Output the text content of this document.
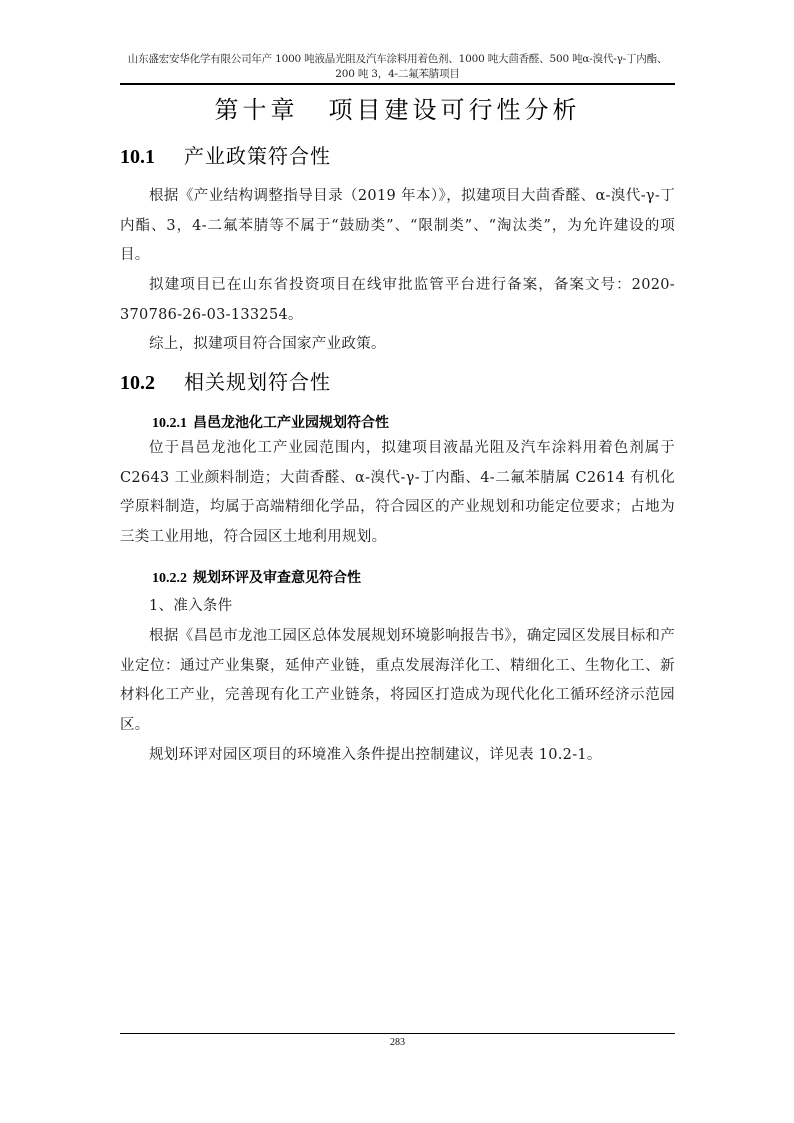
山东盛宏安华化学有限公司年产 1000 吨液晶光阻及汽车涂料用着色剂、1000 吨大茴香醛、500 吨α-溴代-γ-丁内酯、200 吨 3，4-二氟苯腈项目
第十章 项目建设可行性分析
10.1 产业政策符合性
根据《产业结构调整指导目录（2019 年本）》，拟建项目大茴香醛、α-溴代-γ-丁内酯、3，4-二氟苯腈等不属于“鼓励类”、“限制类”、“淘汰类”，为允许建设的项目。
拟建项目已在山东省投资项目在线审批监管平台进行备案，备案文号：2020-370786-26-03-133254。
综上，拟建项目符合国家产业政策。
10.2 相关规划符合性
10.2.1 昌邑龙池化工产业园规划符合性
位于昌邑龙池化工产业园范围内，拟建项目液晶光阻及汽车涂料用着色剂属于 C2643 工业颜料制造；大茴香醛、α-溴代-γ-丁内酯、4-二氟苯腈属 C2614 有机化学原料制造，均属于高端精细化学品，符合园区的产业规划和功能定位要求；占地为三类工业用地，符合园区土地利用规划。
10.2.2 规划环评及审查意见符合性
1、准入条件
根据《昌邑市龙池工园区总体发展规划环境影响报告书》，确定园区发展目标和产业定位：通过产业集聚，延伸产业链，重点发展海洋化工、精细化工、生物化工、新材料化工产业，完善现有化工产业链条，将园区打造成为现代化化工循环经济示范园区。
规划环评对园区项目的环境准入条件提出控制建议，详见表 10.2-1。
283
